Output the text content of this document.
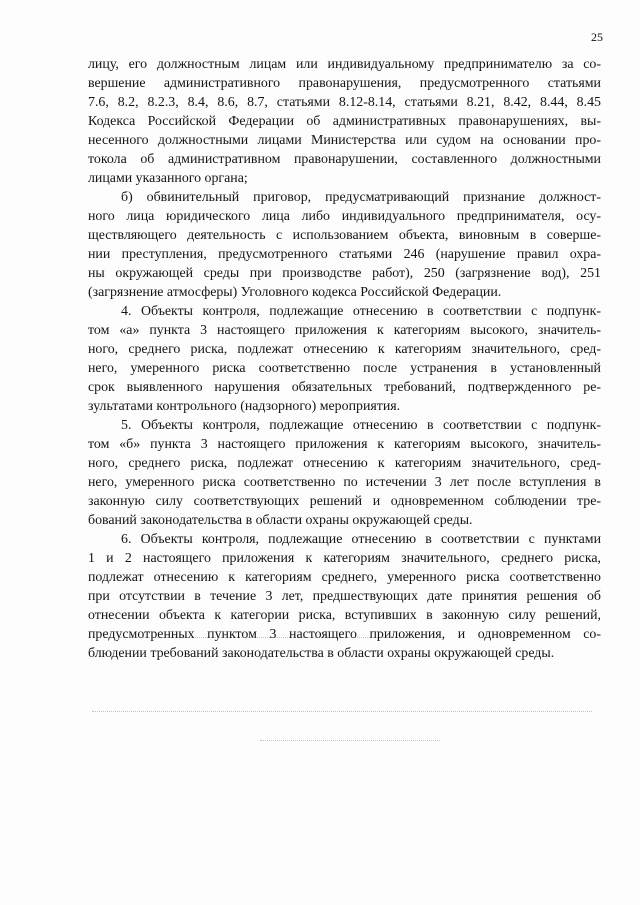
25
лицу, его должностным лицам или индивидуальному предпринимателю за со-
вершение административного правонарушения, предусмотренного статьями
7.6, 8.2, 8.2.3, 8.4, 8.6, 8.7, статьями 8.12-8.14, статьями 8.21, 8.42, 8.44, 8.45
Кодекса Российской Федерации об административных правонарушениях, вы-
несенного должностными лицами Министерства или судом на основании про-
токола об административном правонарушении, составленного должностными
лицами указанного органа;
б) обвинительный приговор, предусматривающий признание должност-
ного лица юридического лица либо индивидуального предпринимателя, осу-
ществляющего деятельность с использованием объекта, виновным в соверше-
нии преступления, предусмотренного статьями 246 (нарушение правил охра-
ны окружающей среды при производстве работ), 250 (загрязнение вод), 251
(загрязнение атмосферы) Уголовного кодекса Российской Федерации.
4. Объекты контроля, подлежащие отнесению в соответствии с подпунк-
том «а» пункта 3 настоящего приложения к категориям высокого, значитель-
ного, среднего риска, подлежат отнесению к категориям значительного, сред-
него, умеренного риска соответственно после устранения в установленный
срок выявленного нарушения обязательных требований, подтвержденного ре-
зультатами контрольного (надзорного) мероприятия.
5. Объекты контроля, подлежащие отнесению в соответствии с подпунк-
том «б» пункта 3 настоящего приложения к категориям высокого, значитель-
ного, среднего риска, подлежат отнесению к категориям значительного, сред-
него, умеренного риска соответственно по истечении 3 лет после вступления в
законную силу соответствующих решений и одновременном соблюдении тре-
бований законодательства в области охраны окружающей среды.
6. Объекты контроля, подлежащие отнесению в соответствии с пунктами
1 и 2 настоящего приложения к категориям значительного, среднего риска,
подлежат отнесению к категориям среднего, умеренного риска соответственно
при отсутствии в течение 3 лет, предшествующих дате принятия решения об
отнесении объекта к категории риска, вступивших в законную силу решений,
предусмотренных пунктом 3 настоящего приложения, и одновременном со-
блюдении требований законодательства в области охраны окружающей среды.
